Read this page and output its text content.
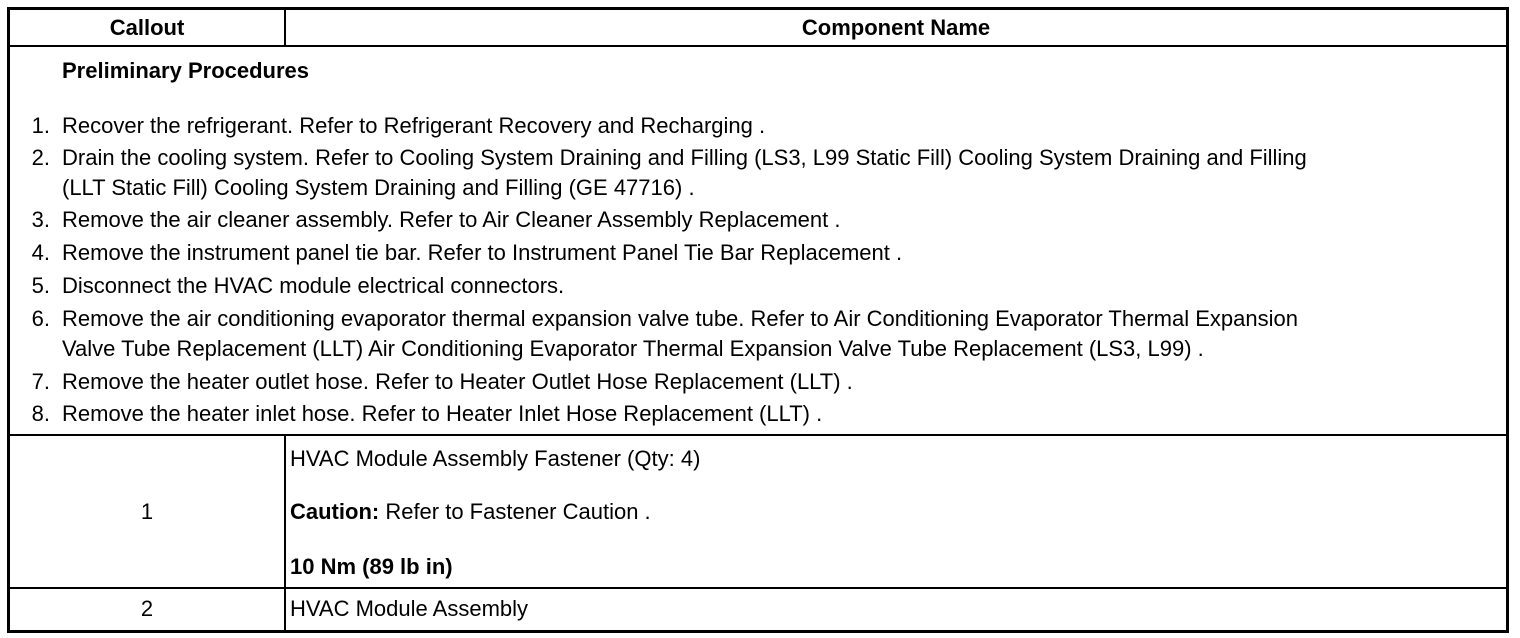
Callout	Component Name
Preliminary Procedures
1. Recover the refrigerant. Refer to Refrigerant Recovery and Recharging .
2. Drain the cooling system. Refer to Cooling System Draining and Filling (LS3, L99 Static Fill) Cooling System Draining and Filling
(LLT Static Fill) Cooling System Draining and Filling (GE 47716) .
3. Remove the air cleaner assembly. Refer to Air Cleaner Assembly Replacement .
4. Remove the instrument panel tie bar. Refer to Instrument Panel Tie Bar Replacement .
5. Disconnect the HVAC module electrical connectors.
6. Remove the air conditioning evaporator thermal expansion valve tube. Refer to Air Conditioning Evaporator Thermal Expansion
Valve Tube Replacement (LLT) Air Conditioning Evaporator Thermal Expansion Valve Tube Replacement (LS3, L99) .
7. Remove the heater outlet hose. Refer to Heater Outlet Hose Replacement (LLT) .
8. Remove the heater inlet hose. Refer to Heater Inlet Hose Replacement (LLT) .
1
HVAC Module Assembly Fastener (Qty: 4)
Caution: Refer to Fastener Caution .
10 Nm (89 lb in)
2	HVAC Module Assembly
